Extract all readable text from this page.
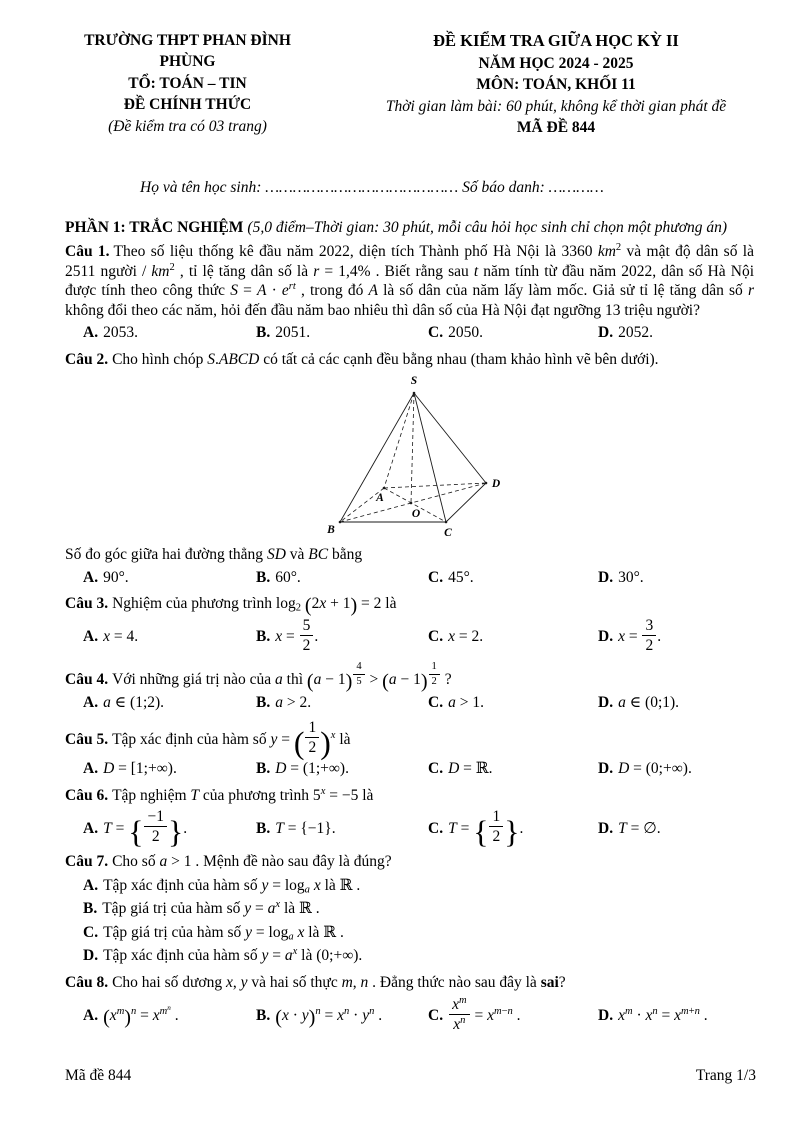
TRƯỜNG THPT PHAN ĐÌNH PHÙNG
TỔ: TOÁN – TIN
ĐỀ CHÍNH THỨC
(Đề kiểm tra có 03 trang)
ĐỀ KIỂM TRA GIỮA HỌC KỲ II
NĂM HỌC 2024 - 2025
MÔN: TOÁN, KHỐI 11
Thời gian làm bài: 60 phút, không kể thời gian phát đề
MÃ ĐỀ 844
Họ và tên học sinh: …………………………………… Số báo danh: …………
PHẦN 1: TRẮC NGHIỆM (5,0 điểm–Thời gian: 30 phút, mỗi câu hỏi học sinh chỉ chọn một phương án)

Câu 1. Theo số liệu thống kê đầu năm 2022, diện tích Thành phố Hà Nội là 3360 $km^2$ và mật độ dân số là 2511 người / $km^2$ , tỉ lệ tăng dân số là r = 1,4% . Biết rằng sau t năm tính từ đầu năm 2022, dân số Hà Nội được tính theo công thức $S = A \cdot e^{rt}$ , trong đó A là số dân của năm lấy làm mốc. Giả sử tỉ lệ tăng dân số r không đổi theo các năm, hỏi đến đầu năm bao nhiêu thì dân số của Hà Nội đạt ngưỡng 13 triệu người?

A. 2053.	B. 2051.	C. 2050.	D. 2052.

Câu 2. Cho hình chóp S.ABCD có tất cả các cạnh đều bằng nhau (tham khảo hình vẽ bên dưới).

S
A
B	C
D
O

Số đo góc giữa hai đường thẳng SD và BC bằng

A. 90°.	B. 60°.	C. 45°.	D. 30°.

Câu 3. Nghiệm của phương trình $\log_2 (2x + 1) = 2$ là

A. x = 4.	B. $x = \frac{5}{2}$ .	C. x = 2.	D. $x = \frac{3}{2}$ .

Câu 4. Với những giá trị nào của a thì (a − 1) $^{\frac{4}{5}}$ > (a − 1) $^{\frac{1}{2}}$ ?

A. a ∈ (1;2).	B. a > 2.	C. a > 1.	D. a ∈ (0;1).

Câu 5. Tập xác định của hàm số y = ( $\frac{1}{2} )^x$ là

A. D = [1;+∞).	B. D = (1;+∞).	C. D = ℝ.	D. D = (0;+∞).

Câu 6. Tập nghiệm T của phương trình $5^x = -5$ là

A. T = { $\frac{-1}{2}$ }.	B. T = {−1}.	C. T = { $\frac{1}{2}$ }.	D. T = ∅.

Câu 7. Cho số a > 1 . Mệnh đề nào sau đây là đúng?

A. Tập xác định của hàm số $y = \log_a x$ là ℝ .
B. Tập giá trị của hàm số $y = a^x$ là ℝ .
C. Tập giá trị của hàm số $y = \log_a x$ là ℝ .
D. Tập xác định của hàm số $y = a^x$ là (0;+∞).

Câu 8. Cho hai số dương x, y và hai số thực m, n . Đẳng thức nào sau đây là sai?

A. $(x^m)^n = x^{m^n}$ .	B. $(x \cdot y)^n = x^n \cdot y^n$ .	C. $\frac{x^m}{x^n} = x^{m-n}$ .	D. $x^m \cdot x^n = x^{m+n}$ .
Mã đề 844	Trang 1/3
